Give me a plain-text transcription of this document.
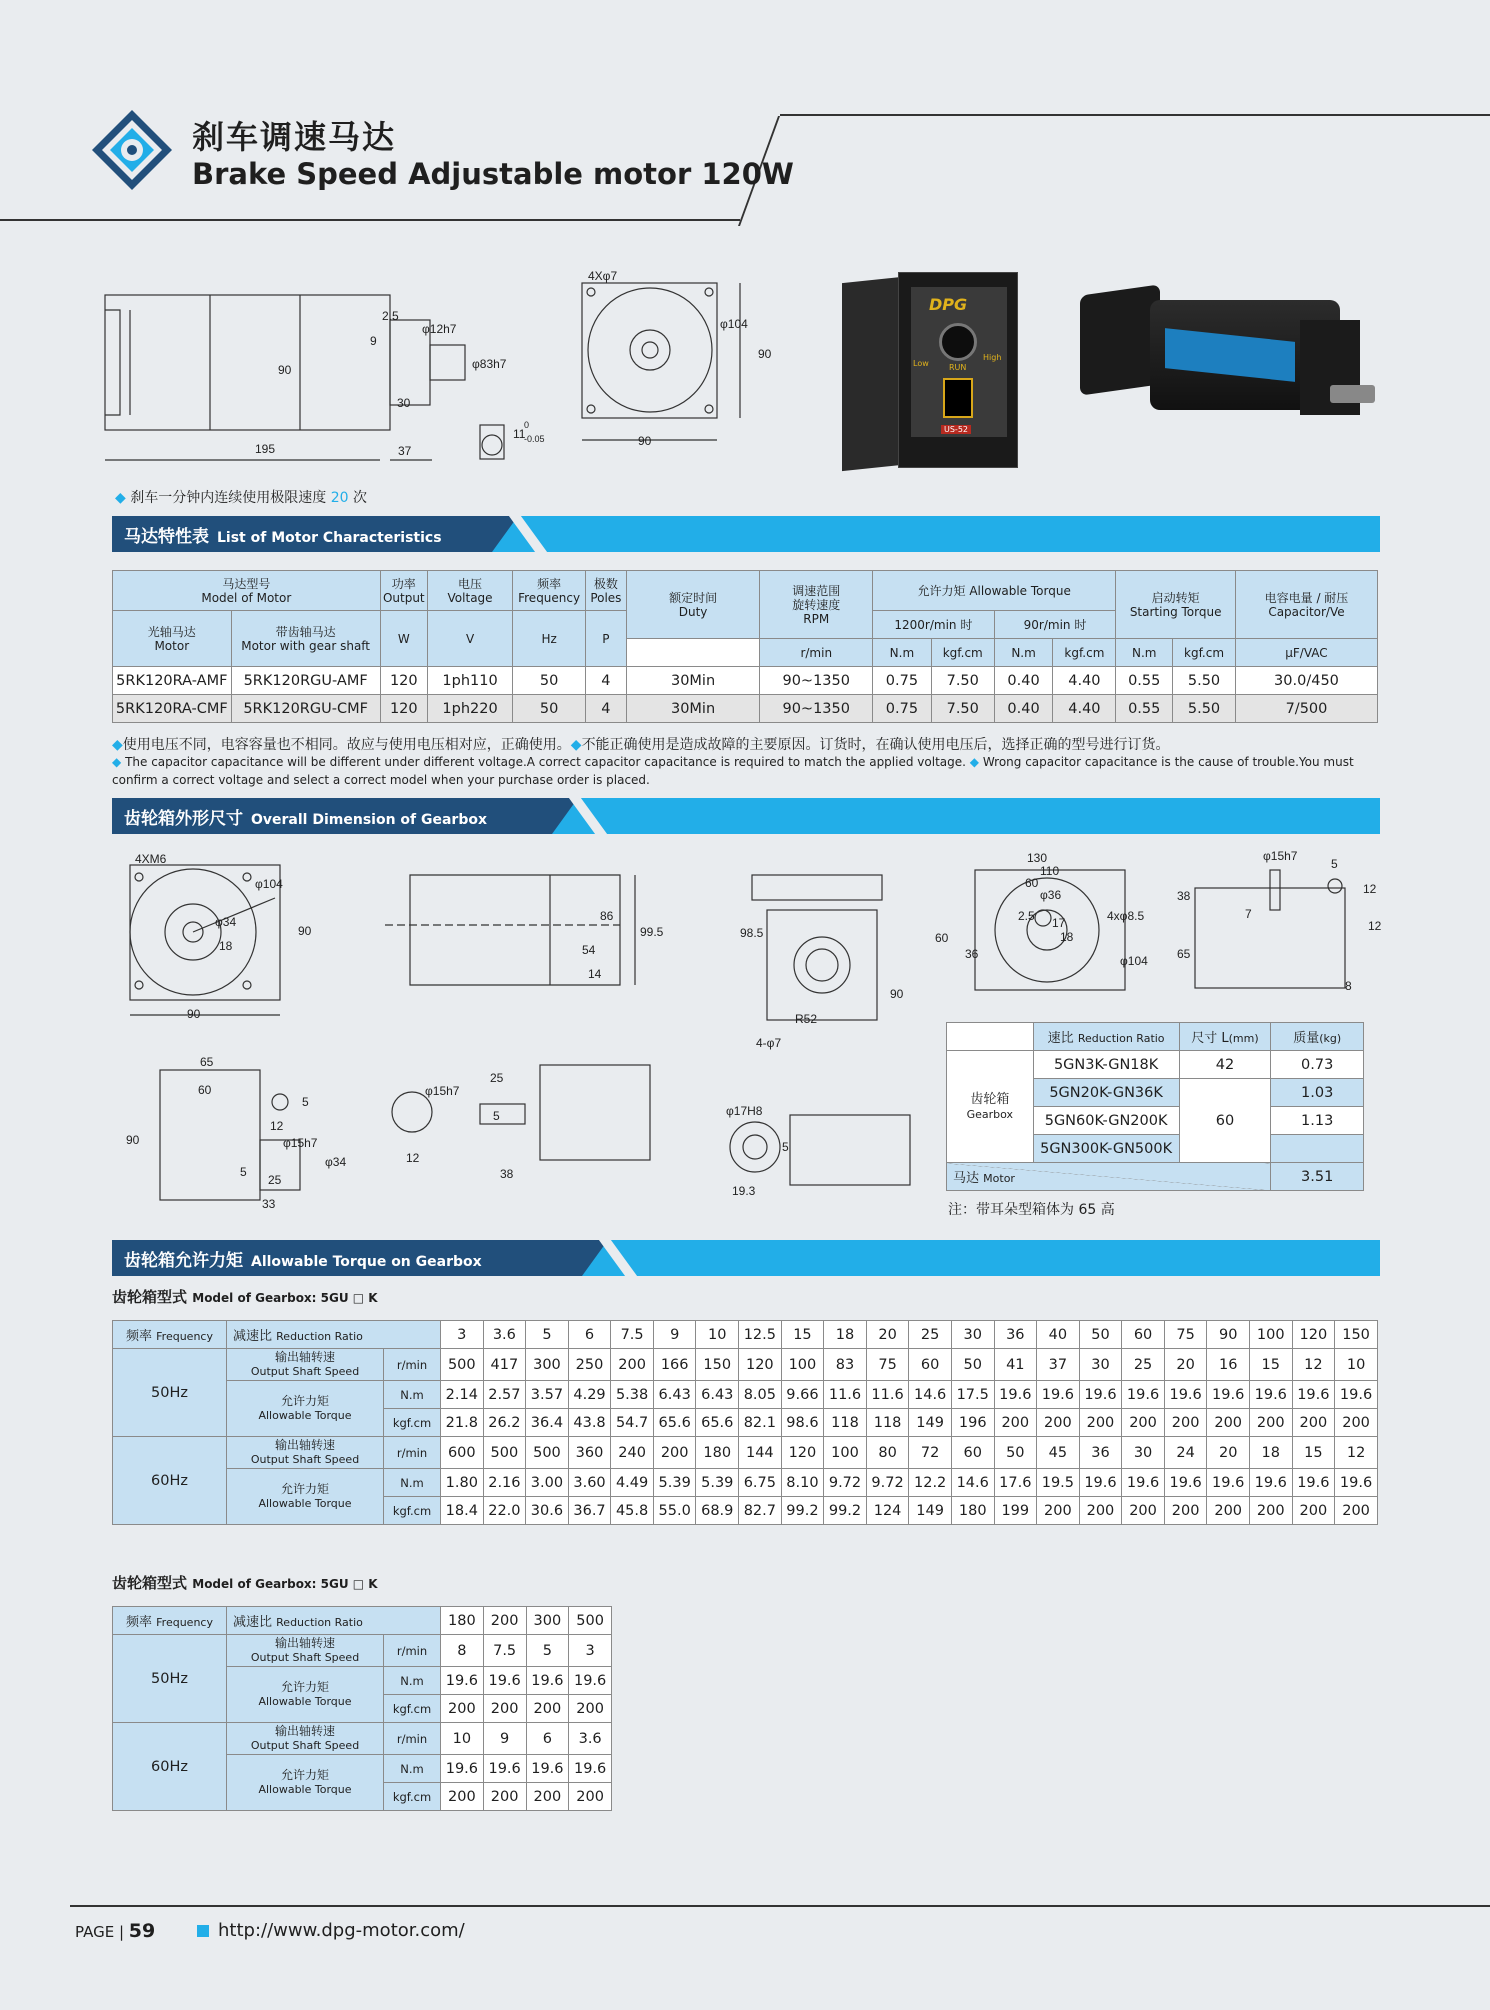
刹车调速马达
Brake Speed Adjustable motor 120W
2.5
φ12h7
9
90	φ83h7
30
195	37
11
0
-0.05
4Xφ7
φ104
90
90
DPG
Low	RUN
High
US-52
◆ 刹车一分钟内连续使用极限速度 20 次
马达特性表 List of Motor Characteristics
马达型号
Model of Motor		功率
Output	电压
Voltage	频率
Frequency	极数
Poles	额定时间
Duty	调速范围
旋转速度
RPM	允许力矩 Allowable Torque				启动转矩
Starting Torque		电容电量 / 耐压
Capacitor/Ve
光轴马达
Motor	带齿轴马达
Motor with gear shaft	W	V	Hz	P			1200r/min 时		90r/min 时				
							r/min	N.m	kgf.cm	N.m	kgf.cm	N.m	kgf.cm	μF/VAC
5RK120RA-AMF	5RK120RGU-AMF	120	1ph110	50	4	30Min	90~1350	0.75	7.50	0.40	4.40	0.55	5.50	30.0/450
5RK120RA-CMF	5RK120RGU-CMF	120	1ph220	50	4	30Min	90~1350	0.75	7.50	0.40	4.40	0.55	5.50	7/500
◆使用电压不同，电容容量也不相同。故应与使用电压相对应，正确使用。◆不能正确使用是造成故障的主要原因。订货时，在确认使用电压后，选择正确的型号进行订货。
◆ The capacitor capacitance will be different under different voltage.A correct capacitor capacitance is required to match the applied voltage. ◆ Wrong capacitor capacitance is the cause of trouble.You must
confirm a correct voltage and select a correct model when your purchase order is placed.
齿轮箱外形尺寸 Overall Dimension of Gearbox
4XM6
φ104
φ34
18
90
90
86
99.5
54
14
98.5
90
R52
4-φ7
130
110
60
φ36
2.5 17
18
4xφ8.5
60
36	φ104
φ15h7
5
12
38
7
12
65
8
65
60
5
12
90	φ15h7
5
25
33
φ34
φ15h7
25
5
12
38
φ17H8
5
19.3
	速比 Reduction Ratio	尺寸 L(mm)	质量(kg)
齿轮箱
Gearbox	5GN3K-GN18K	42	0.73
	5GN20K-GN36K	60	1.03
	5GN60K-GN200K		1.13
	5GN300K-GN500K		
马达 Motor			3.51
注：带耳朵型箱体为 65 高
齿轮箱允许力矩 Allowable Torque on Gearbox
齿轮箱型式 Model of Gearbox: 5GU □ K
频率 Frequency	减速比 Reduction Ratio		3	3.6	5	6	7.5	9	10	12.5	15	18	20	25	30	36	40	50	60	75	90	100	120	150
50Hz	输出轴转速
Output Shaft Speed	r/min	500	417	300	250	200	166	150	120	100	83	75	60	50	41	37	30	25	20	16	15	12	10
	允许力矩
Allowable Torque	N.m	2.14	2.57	3.57	4.29	5.38	6.43	6.43	8.05	9.66	11.6	11.6	14.6	17.5	19.6	19.6	19.6	19.6	19.6	19.6	19.6	19.6	19.6
		kgf.cm	21.8	26.2	36.4	43.8	54.7	65.6	65.6	82.1	98.6	118	118	149	196	200	200	200	200	200	200	200	200	200
60Hz	输出轴转速
Output Shaft Speed	r/min	600	500	500	360	240	200	180	144	120	100	80	72	60	50	45	36	30	24	20	18	15	12
	允许力矩
Allowable Torque	N.m	1.80	2.16	3.00	3.60	4.49	5.39	5.39	6.75	8.10	9.72	9.72	12.2	14.6	17.6	19.5	19.6	19.6	19.6	19.6	19.6	19.6	19.6
		kgf.cm	18.4	22.0	30.6	36.7	45.8	55.0	68.9	82.7	99.2	99.2	124	149	180	199	200	200	200	200	200	200	200	200
齿轮箱型式 Model of Gearbox: 5GU □ K
频率 Frequency	减速比 Reduction Ratio		180	200	300	500
50Hz	输出轴转速
Output Shaft Speed	r/min	8	7.5	5	3
	允许力矩
Allowable Torque	N.m	19.6	19.6	19.6	19.6
		kgf.cm	200	200	200	200
60Hz	输出轴转速
Output Shaft Speed	r/min	10	9	6	3.6
	允许力矩
Allowable Torque	N.m	19.6	19.6	19.6	19.6
		kgf.cm	200	200	200	200
PAGE | 59	http://www.dpg-motor.com/
